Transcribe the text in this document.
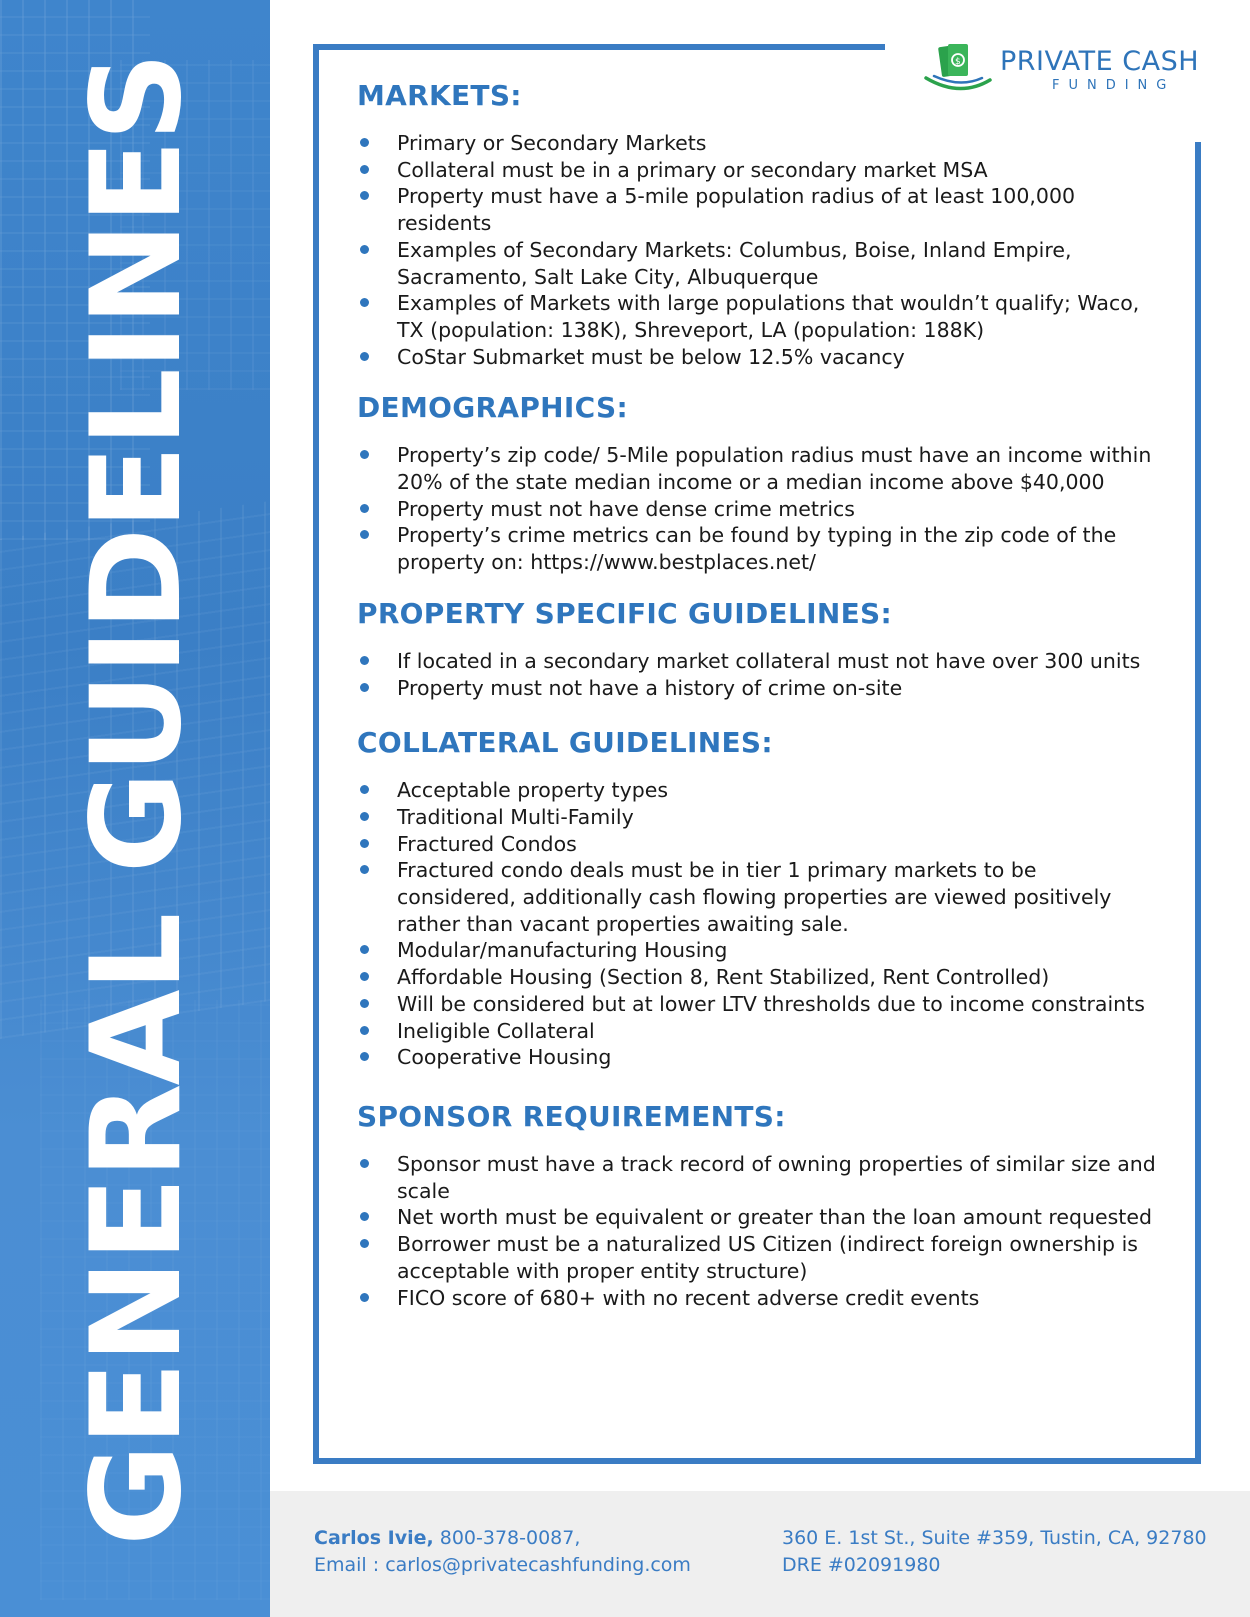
GENERAL GUIDELINES	$ PRIVATE CASH
FUNDING
MARKETS:
Primary or Secondary Markets
Collateral must be in a primary or secondary market MSA
Property must have a 5-mile population radius of at least 100,000 residents
Examples of Secondary Markets: Columbus, Boise, Inland Empire, Sacramento, Salt Lake City, Albuquerque
Examples of Markets with large populations that wouldn’t qualify; Waco, TX (population: 138K), Shreveport, LA (population: 188K)
CoStar Submarket must be below 12.5% vacancy
DEMOGRAPHICS:
Property’s zip code/ 5-Mile population radius must have an income within 20% of the state median income or a median income above $40,000
Property must not have dense crime metrics
Property’s crime metrics can be found by typing in the zip code of the property on: https://www.bestplaces.net/
PROPERTY SPECIFIC GUIDELINES:
If located in a secondary market collateral must not have over 300 units
Property must not have a history of crime on-site
COLLATERAL GUIDELINES:
Acceptable property types
Traditional Multi-Family
Fractured Condos
Fractured condo deals must be in tier 1 primary markets to be considered, additionally cash flowing properties are viewed positively rather than vacant properties awaiting sale.
Modular/manufacturing Housing
Affordable Housing (Section 8, Rent Stabilized, Rent Controlled)
Will be considered but at lower LTV thresholds due to income constraints
Ineligible Collateral
Cooperative Housing
SPONSOR REQUIREMENTS:
Sponsor must have a track record of owning properties of similar size and scale
Net worth must be equivalent or greater than the loan amount requested
Borrower must be a naturalized US Citizen (indirect foreign ownership is acceptable with proper entity structure)
FICO score of 680+ with no recent adverse credit events
Carlos Ivie, 800-378-0087,
Email : carlos@privatecashfunding.com
360 E. 1st St., Suite #359, Tustin, CA, 92780
DRE #02091980
